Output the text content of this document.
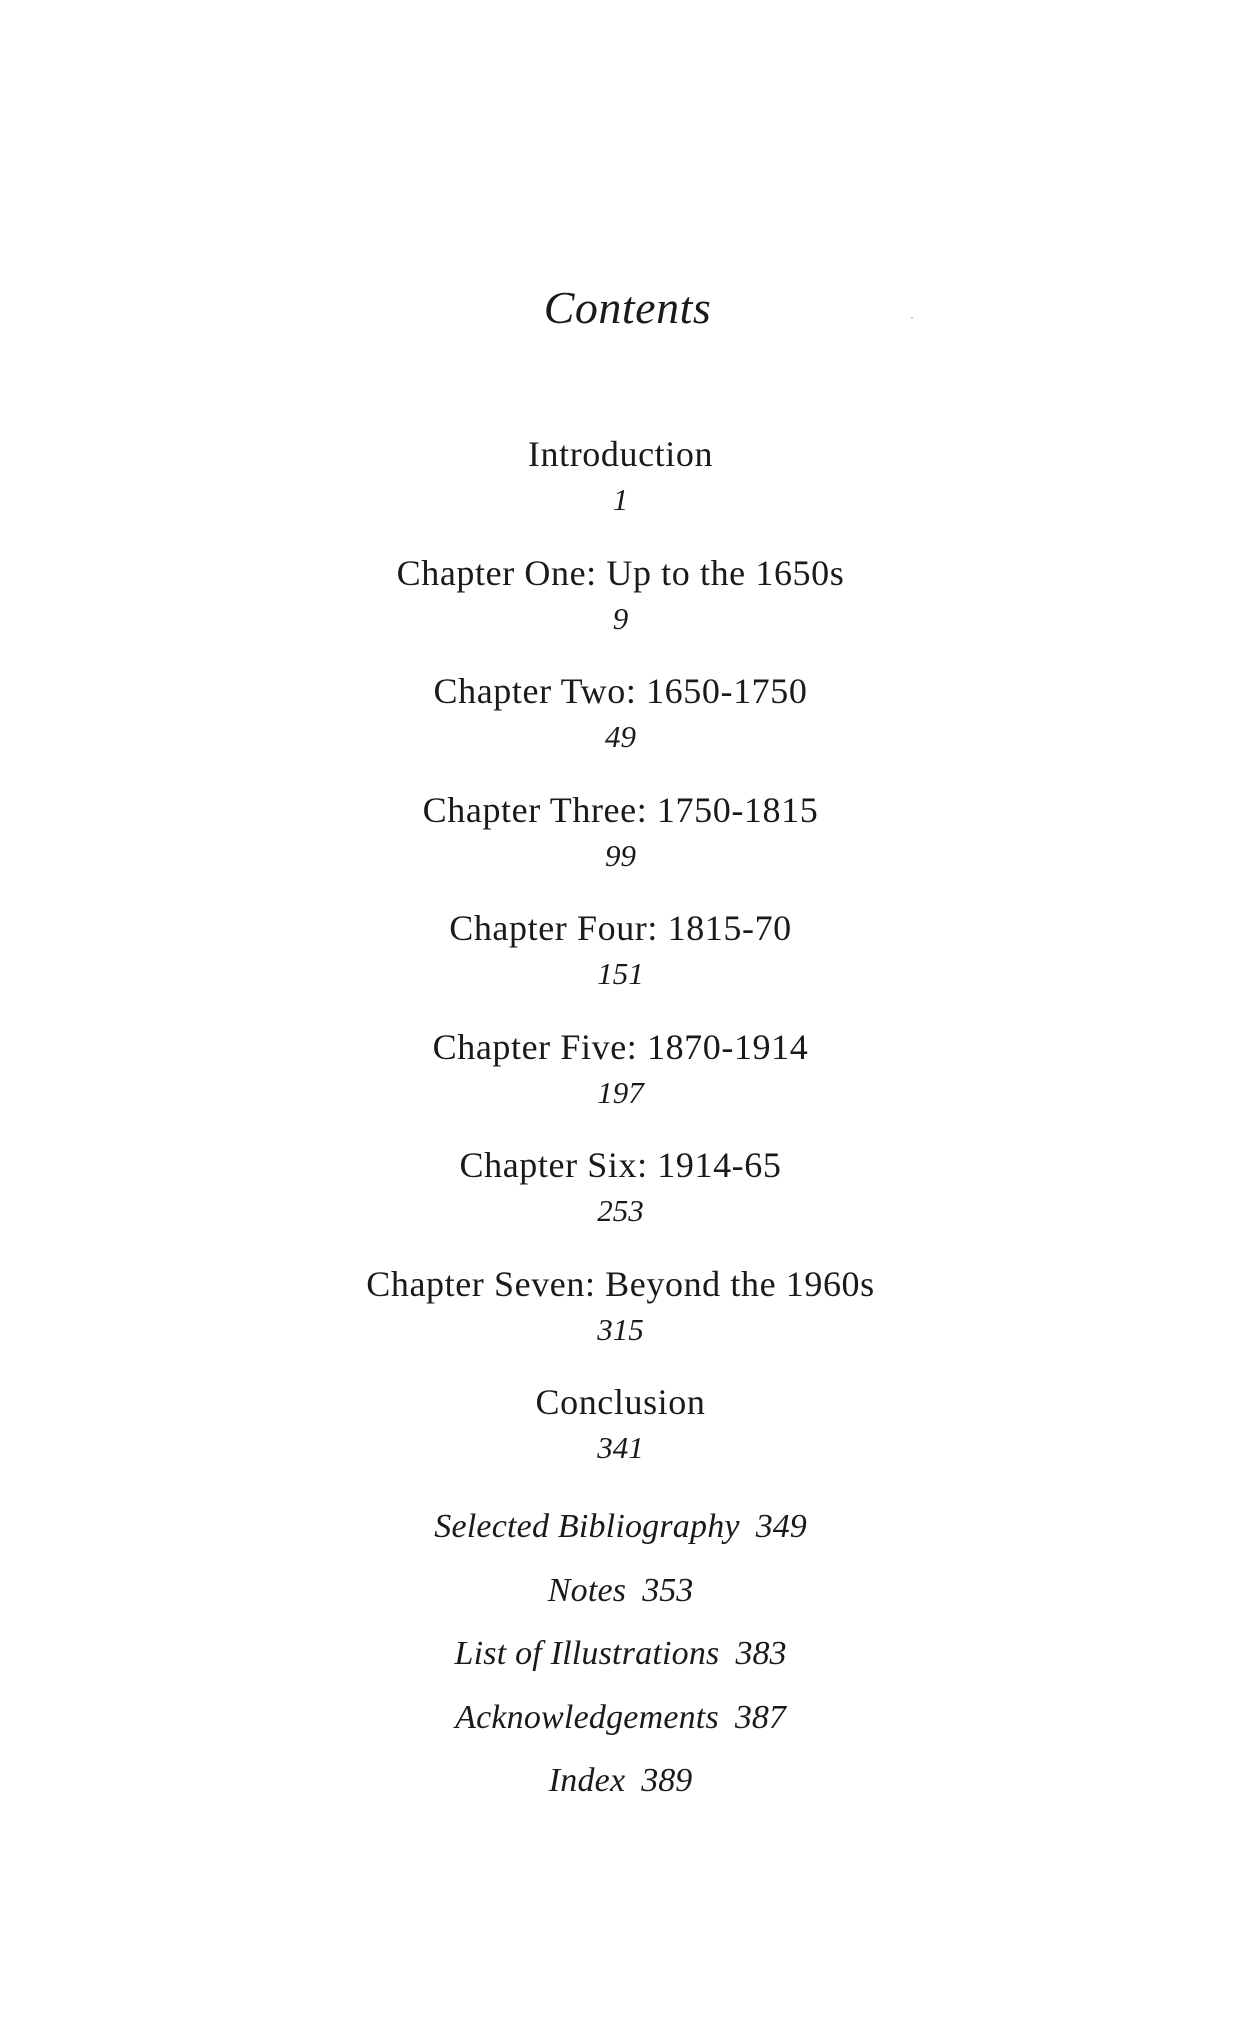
Contents
Introduction
1
Chapter One: Up to the 1650s
9
Chapter Two: 1650-1750
49
Chapter Three: 1750-1815
99
Chapter Four: 1815-70
151
Chapter Five: 1870-1914
197
Chapter Six: 1914-65
253
Chapter Seven: Beyond the 1960s
315
Conclusion
341
Selected Bibliography 349
Notes 353
List of Illustrations 383
Acknowledgements 387
Index 389
